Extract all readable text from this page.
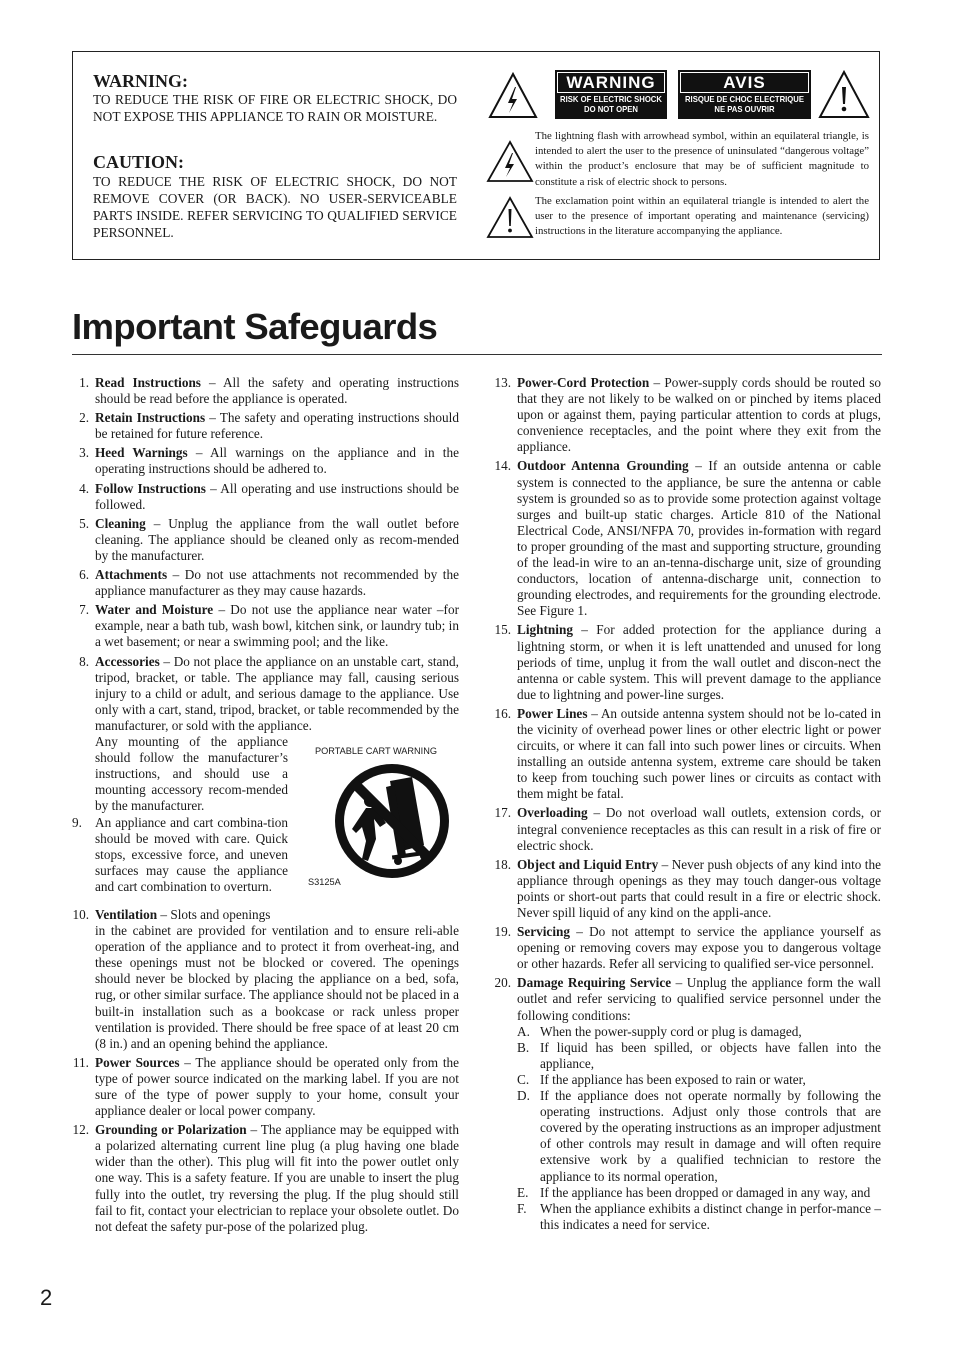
WARNING:
TO REDUCE THE RISK OF FIRE OR ELECTRIC SHOCK, DO NOT EXPOSE THIS APPLIANCE TO RAIN OR MOISTURE.
CAUTION:
TO REDUCE THE RISK OF ELECTRIC SHOCK, DO NOT REMOVE COVER (OR BACK). NO USER-SERVICEABLE PARTS INSIDE. REFER SERVICING TO QUALIFIED SERVICE PERSONNEL.
WARNING
RISK OF ELECTRIC SHOCK
DO NOT OPEN
AVIS
RISQUE DE CHOC ELECTRIQUE
NE PAS OUVRIR
The lightning flash with arrowhead symbol, within an equilateral triangle, is intended to alert the user to the presence of uninsulated “dangerous voltage” within the product’s enclosure that may be of sufficient magnitude to constitute a risk of electric shock to persons.
The exclamation point within an equilateral triangle is intended to alert the user to the presence of important operating and maintenance (servicing) instructions in the literature accompanying the appliance.
Important Safeguards
1. Read Instructions – All the safety and operating instructions should be read before the appliance is operated.
2. Retain Instructions – The safety and operating instructions should be retained for future reference.
3. Heed Warnings – All warnings on the appliance and in the operating instructions should be adhered to.
4. Follow Instructions – All operating and use instructions should be followed.
5. Cleaning – Unplug the appliance from the wall outlet before cleaning. The appliance should be cleaned only as recom-mended by the manufacturer.
6. Attachments – Do not use attachments not recommended by the appliance manufacturer as they may cause hazards.
7. Water and Moisture – Do not use the appliance near water –for example, near a bath tub, wash bowl, kitchen sink, or laundry tub; in a wet basement; or near a swimming pool; and the like.
8. Accessories – Do not place the appliance on an unstable cart, stand, tripod, bracket, or table. The appliance may fall, causing serious injury to a child or adult, and serious damage to the appliance. Use only with a cart, stand, tripod, bracket, or table recommended by the manufacturer, or sold with the appliance.
Any mounting of the appliance should follow the manufacturer’s instructions, and should use a mounting accessory recom-mended by the manufacturer.
9. An appliance and cart combina-tion should be moved with care. Quick stops, excessive force, and uneven surfaces may cause the appliance and cart combination to overturn.
PORTABLE CART WARNING
S3125A
10. Ventilation – Slots and openings
in the cabinet are provided for ventilation and to ensure reli-able operation of the appliance and to protect it from overheat-ing, and these openings must not be blocked or covered. The openings should never be blocked by placing the appliance on a bed, sofa, rug, or other similar surface. The appliance should not be placed in a built-in installation such as a bookcase or rack unless proper ventilation is provided. There should be free space of at least 20 cm (8 in.) and an opening behind the appliance.
11. Power Sources – The appliance should be operated only from the type of power source indicated on the marking label. If you are not sure of the type of power supply to your home, consult your appliance dealer or local power company.
12. Grounding or Polarization – The appliance may be equipped with a polarized alternating current line plug (a plug having one blade wider than the other). This plug will fit into the power outlet only one way. This is a safety feature. If you are unable to insert the plug fully into the outlet, try reversing the plug. If the plug should still fail to fit, contact your electrician to replace your obsolete outlet. Do not defeat the safety pur-pose of the polarized plug.
13. Power-Cord Protection – Power-supply cords should be routed so that they are not likely to be walked on or pinched by items placed upon or against them, paying particular attention to cords at plugs, convenience receptacles, and the point where they exit from the appliance.
14. Outdoor Antenna Grounding – If an outside antenna or cable system is connected to the appliance, be sure the antenna or cable system is grounded so as to provide some protection against voltage surges and built-up static charges. Article 810 of the National Electrical Code, ANSI/NFPA 70, provides in-formation with regard to proper grounding of the mast and supporting structure, grounding of the lead-in wire to an an-tenna-discharge unit, size of grounding conductors, location of antenna-discharge unit, connection to grounding electrodes, and requirements for the grounding electrode. See Figure 1.
15. Lightning – For added protection for the appliance during a lightning storm, or when it is left unattended and unused for long periods of time, unplug it from the wall outlet and discon-nect the antenna or cable system. This will prevent damage to the appliance due to lightning and power-line surges.
16. Power Lines – An outside antenna system should not be lo-cated in the vicinity of overhead power lines or other electric light or power circuits, or where it can fall into such power lines or circuits. When installing an outside antenna system, extreme care should be taken to keep from touching such power lines or circuits as contact with them might be fatal.
17. Overloading – Do not overload wall outlets, extension cords, or integral convenience receptacles as this can result in a risk of fire or electric shock.
18. Object and Liquid Entry – Never push objects of any kind into the appliance through openings as they may touch danger-ous voltage points or short-out parts that could result in a fire or electric shock. Never spill liquid of any kind on the appli-ance.
19. Servicing – Do not attempt to service the appliance yourself as opening or removing covers may expose you to dangerous voltage or other hazards. Refer all servicing to qualified ser-vice personnel.
20. Damage Requiring Service – Unplug the appliance form the wall outlet and refer servicing to qualified service personnel under the following conditions:
A. When the power-supply cord or plug is damaged,
B. If liquid has been spilled, or objects have fallen into the appliance,
C. If the appliance has been exposed to rain or water,
D. If the appliance does not operate normally by following the operating instructions. Adjust only those controls that are covered by the operating instructions as an improper adjustment of other controls may result in damage and will often require extensive work by a qualified technician to restore the appliance to its normal operation,
E. If the appliance has been dropped or damaged in any way, and
F. When the appliance exhibits a distinct change in perfor-mance – this indicates a need for service.
2
